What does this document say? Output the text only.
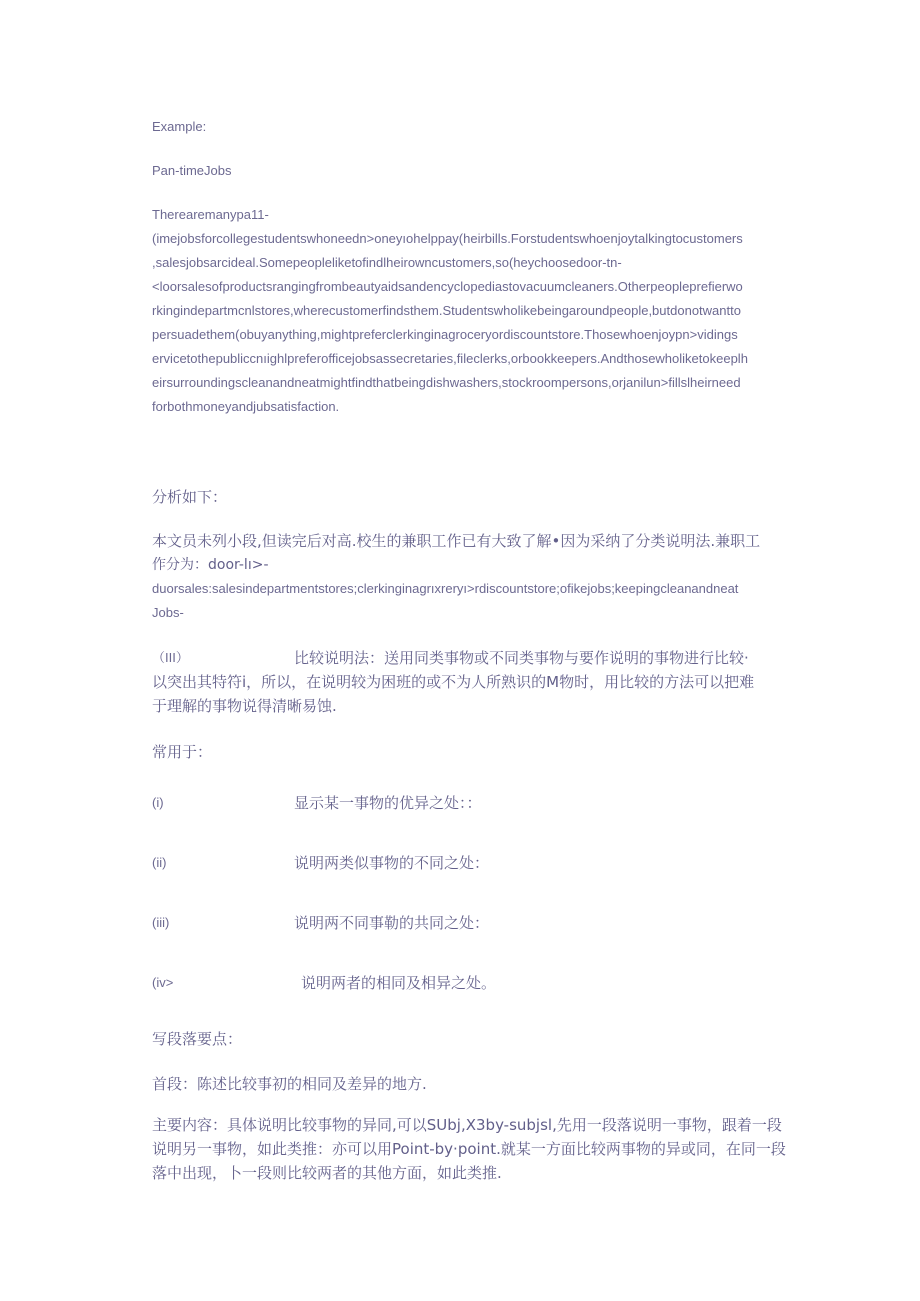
Example:

Pan-timeJobs

Therearemanypa11-
(imejobsforcollegestudentswhoneedn>oneyıohelppay(heirbills.Forstudentswhoenjoytalkingtocustomers
,salesjobsarcideal.Somepeopleliketofindlheirowncustomers,so(heychoosedoor-tn-
<loorsalesofproductsrangingfrombeautyaidsandencyclopediastovacuumcleaners.Otherpeopleprefierwo
rkingindepartmcnlstores,wherecustomerfindsthem.Studentswholikebeingaroundpeople,butdonotwantto
persuadethem(obuyanything,mightpreferclerkinginagroceryordiscountstore.Thosewhoenjoypn>vidings
ervicetothepubliccnıighlpreferofficejobsassecretaries,fileclerks,orbookkeepers.Andthosewholiketokeeplh
eirsurroundingscleanandneatmightfindthatbeingdishwashers,stockroompersons,orjanilun>fillslheirneed
forbothmoneyandjubsatisfaction.

分析如下：

本文员未列小段,但读完后对高.校生的兼职工作已有大致了解•因为采纳了分类说明法.兼职工
作分为：door-lı>-
duorsales:salesindepartmentstores;clerkinginagrıxreryı>rdiscountstore;ofikejobs;keepingcleanandneat
Jobs-
（III）	比较说明法：送用同类事物或不同类事物与要作说明的事物进行比较·
以突出其特符i，所以，在说明较为困班的或不为人所熟识的M物时，用比较的方法可以把难
于理解的事物说得清晰易蚀.

常用于：

(i)	显示某一事物的优异之处：：
(ii)	说明两类似事物的不同之处：
(iii)	说明两不同事勒的共同之处：
(iv>	说明两者的相同及相异之处。

写段落要点：

首段：陈述比较事初的相同及差异的地方.

主要内容：具体说明比较事物的异同,可以SUbj,X3by-subjsl,先用一段落说明一事物，跟着一段
说明另一事物，如此类推：亦可以用Point-by·point.就某一方面比较两事物的异或同，在同一段
落中出现，卜一段则比较两者的其他方面，如此类推.
